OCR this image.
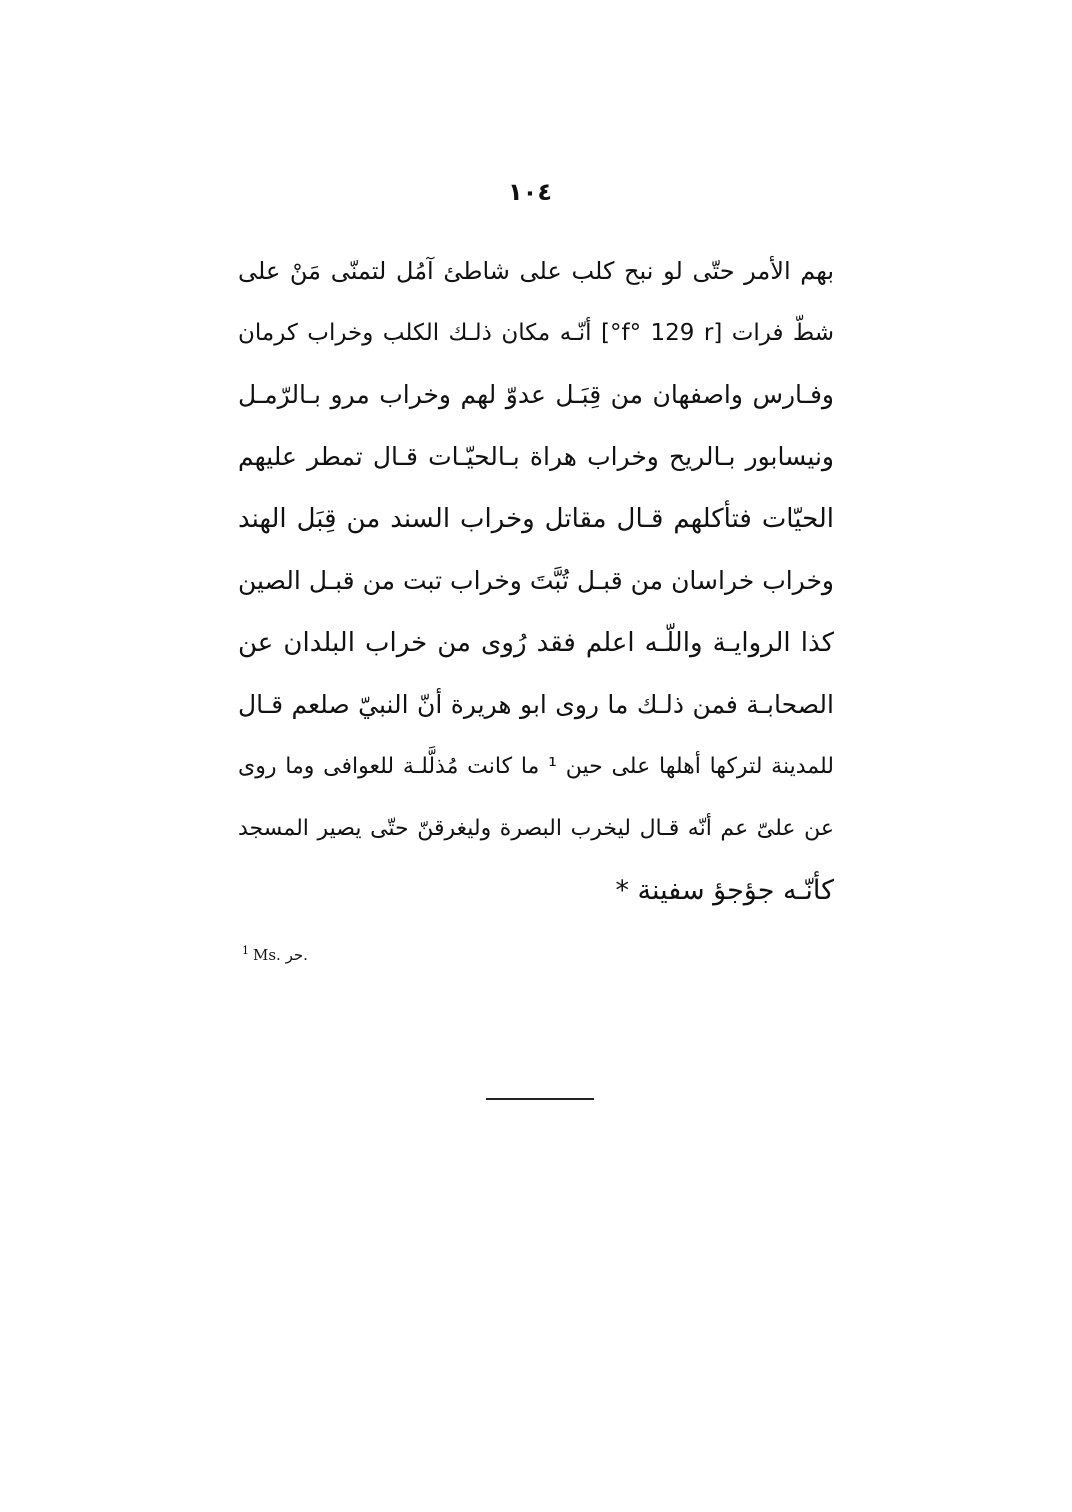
١٠٤
بهم الأمر حتّى لو نبح كلب على شاطئ آمُل لتمنّى مَنْ على
شطّ فرات [f° 129 r°] أنّـه مكان ذلـك الكلب وخراب كرمان
وفـارس واصفهان من قِبَـل عدوّ لهم وخراب مرو بـالرّمـل
ونيسابور بـالريح وخراب هراة بـالحيّـات قـال تمطر عليهم
الحيّات فتأكلهم قـال مقاتل وخراب السند من قِبَل الهند
وخراب خراسان من قبـل تُبَّتَ وخراب تبت من قبـل الصين
كذا الروايـة واللّـه اعلم فقد رُوى من خراب البلدان عن
الصحابـة فمن ذلـك ما روى ابو هريرة أنّ النبيّ صلعم قـال
للمدينة لتركها أهلها على حين ¹ ما كانت مُذلَّلـة للعوافى وما روى
عن علىّ عم أنّه قـال ليخرب البصرة وليغرقنّ حتّى يصير المسجد
كأنّـه جؤجؤ سفينة *
$^1$ Ms. حر.
